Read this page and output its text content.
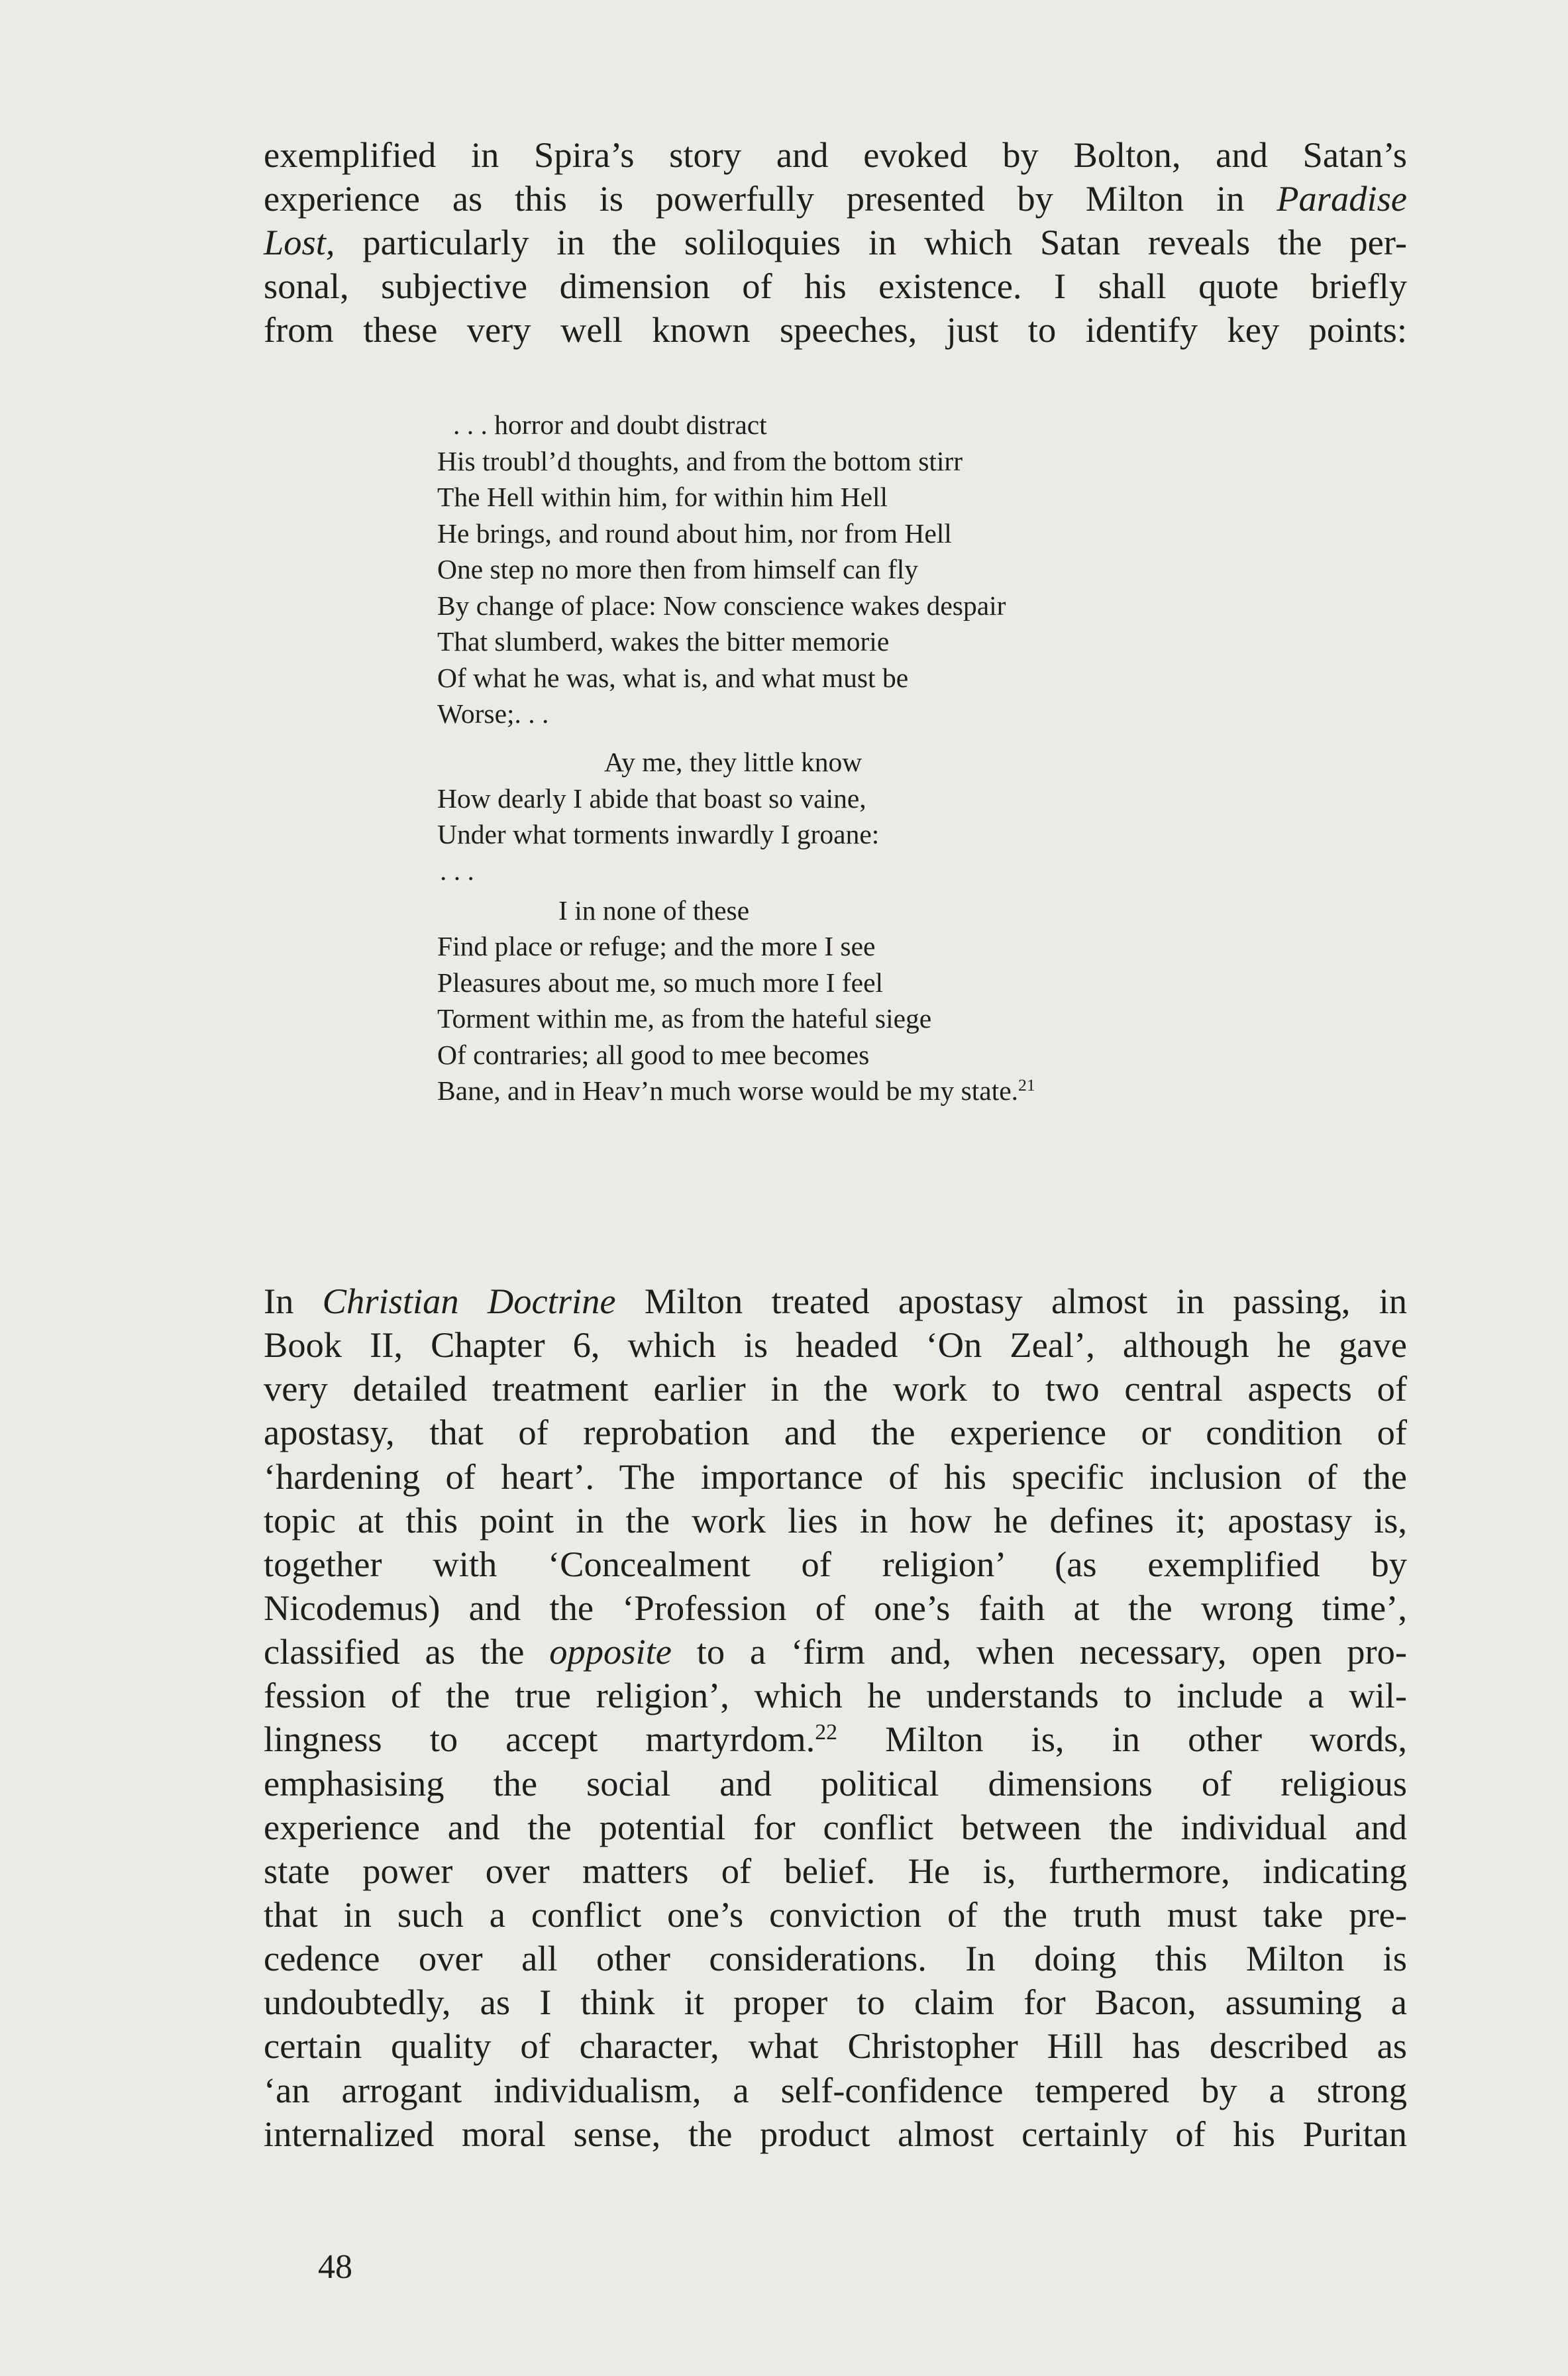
exemplified in Spira’s story and evoked by Bolton, and Satan’s
experience as this is powerfully presented by Milton in Paradise
Lost, particularly in the soliloquies in which Satan reveals the per-
sonal, subjective dimension of his existence. I shall quote briefly
from these very well known speeches, just to identify key points:
. . . horror and doubt distract
His troubl’d thoughts, and from the bottom stirr
The Hell within him, for within him Hell
He brings, and round about him, nor from Hell
One step no more then from himself can fly
By change of place: Now conscience wakes despair
That slumberd, wakes the bitter memorie
Of what he was, what is, and what must be
Worse;. . .
Ay me, they little know
How dearly I abide that boast so vaine,
Under what torments inwardly I groane:
. . .
I in none of these
Find place or refuge; and the more I see
Pleasures about me, so much more I feel
Torment within me, as from the hateful siege
Of contraries; all good to mee becomes
Bane, and in Heav’n much worse would be my state.$^{21}$
In Christian Doctrine Milton treated apostasy almost in passing, in
Book II, Chapter 6, which is headed ‘On Zeal’, although he gave
very detailed treatment earlier in the work to two central aspects of
apostasy, that of reprobation and the experience or condition of
‘hardening of heart’. The importance of his specific inclusion of the
topic at this point in the work lies in how he defines it; apostasy is,
together with ‘Concealment of religion’ (as exemplified by
Nicodemus) and the ‘Profession of one’s faith at the wrong time’,
classified as the opposite to a ‘firm and, when necessary, open pro-
fession of the true religion’, which he understands to include a wil-
lingness to accept martyrdom.$^{22}$ Milton is, in other words,
emphasising the social and political dimensions of religious
experience and the potential for conflict between the individual and
state power over matters of belief. He is, furthermore, indicating
that in such a conflict one’s conviction of the truth must take pre-
cedence over all other considerations. In doing this Milton is
undoubtedly, as I think it proper to claim for Bacon, assuming a
certain quality of character, what Christopher Hill has described as
‘an arrogant individualism, a self-confidence tempered by a strong
internalized moral sense, the product almost certainly of his Puritan
48
